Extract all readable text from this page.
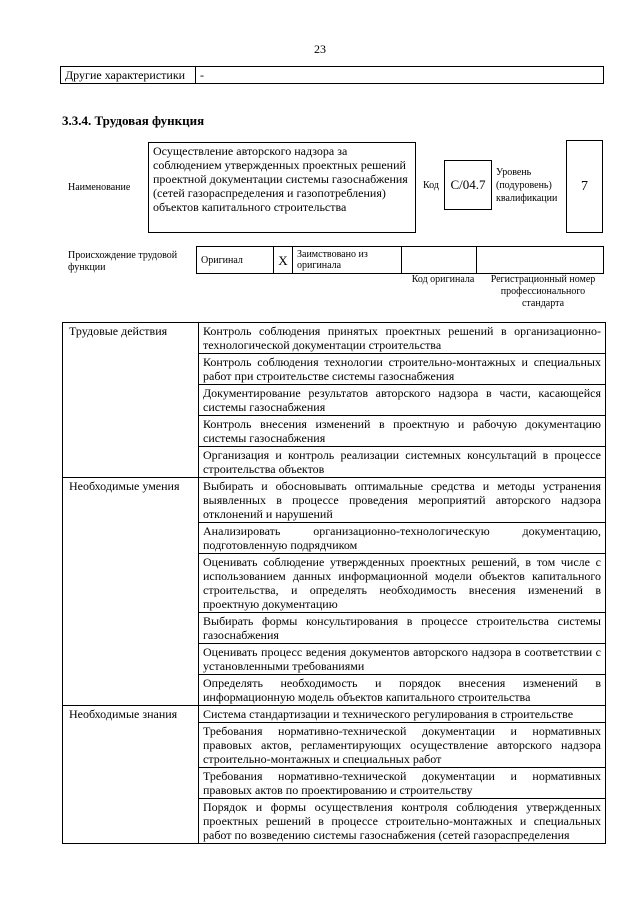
23
Другие характеристики	-
3.3.4. Трудовая функция
Наименование
Осуществление авторского надзора за соблюдением утвержденных проектных решений проектной документации системы газоснабжения (сетей газораспределения и газопотребления) объектов капитального строительства
Код C/04.7
Уровень (подуровень) квалификации
7
Происхождение трудовой функции
Оригинал	X	Заимствовано из оригинала		
Код оригинала	Регистрационный номер профессионального стандарта
Трудовые действия	Контроль соблюдения принятых проектных решений в организационно-технологической документации строительства
	Контроль соблюдения технологии строительно-монтажных и специальных работ при строительстве системы газоснабжения
	Документирование результатов авторского надзора в части, касающейся системы газоснабжения
	Контроль внесения изменений в проектную и рабочую документацию системы газоснабжения
	Организация и контроль реализации системных консультаций в процессе строительства объектов
Необходимые умения	Выбирать и обосновывать оптимальные средства и методы устранения выявленных в процессе проведения мероприятий авторского надзора отклонений и нарушений
	Анализировать организационно-технологическую документацию, подготовленную подрядчиком
	Оценивать соблюдение утвержденных проектных решений, в том числе с использованием данных информационной модели объектов капитального строительства, и определять необходимость внесения изменений в проектную документацию
	Выбирать формы консультирования в процессе строительства системы газоснабжения
	Оценивать процесс ведения документов авторского надзора в соответствии с установленными требованиями
	Определять необходимость и порядок внесения изменений в информационную модель объектов капитального строительства
Необходимые знания	Система стандартизации и технического регулирования в строительстве
	Требования нормативно-технической документации и нормативных правовых актов, регламентирующих осуществление авторского надзора строительно-монтажных и специальных работ
	Требования нормативно-технической документации и нормативных правовых актов по проектированию и строительству
	Порядок и формы осуществления контроля соблюдения утвержденных проектных решений в процессе строительно-монтажных и специальных работ по возведению системы газоснабжения (сетей газораспределения
